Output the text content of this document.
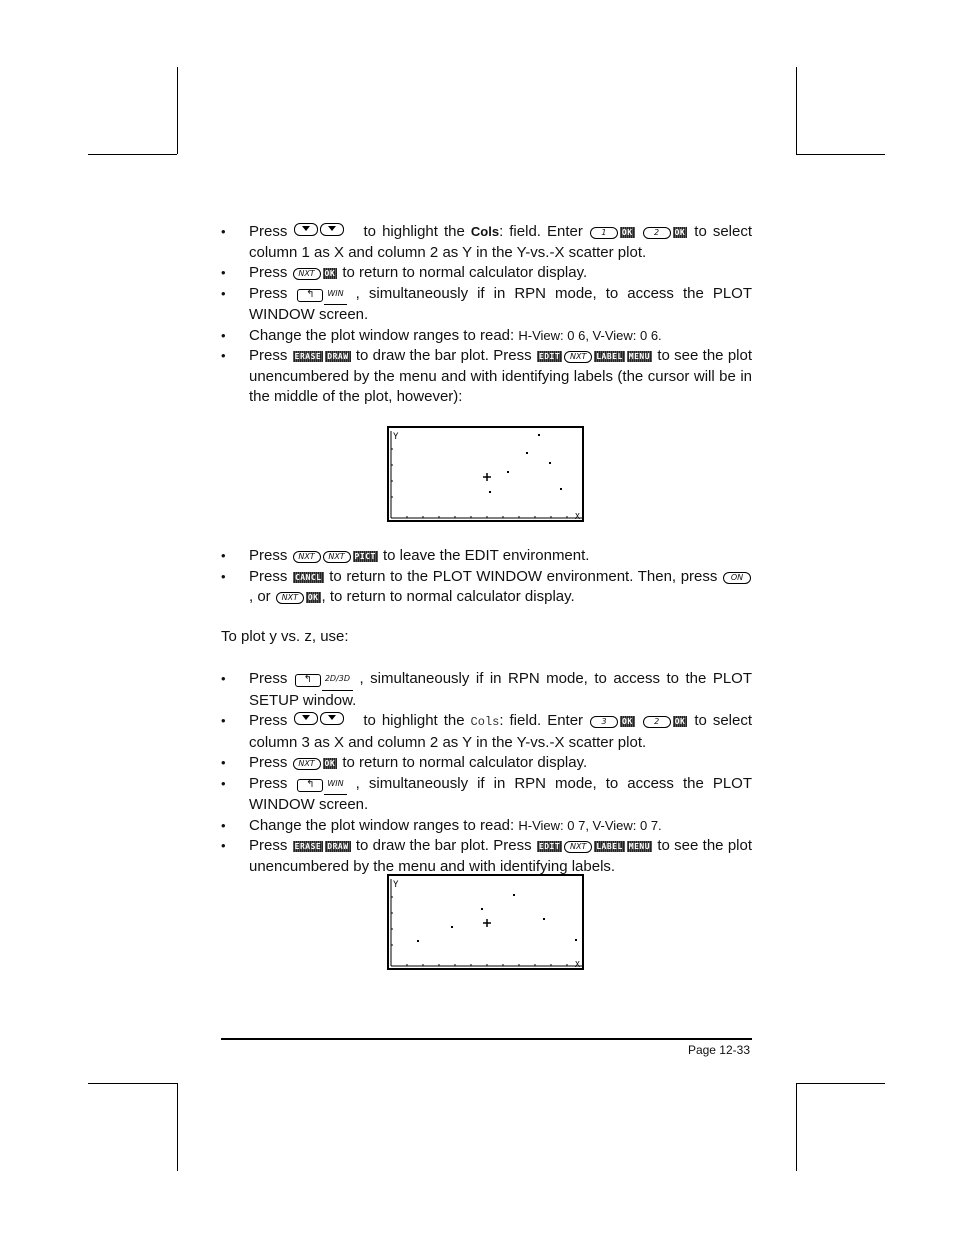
• Press	to highlight the Cols: field. Enter 1 OK	2 OK to select column 1 as X and column 2 as Y in the Y-vs.-X scatter plot.
• Press NXT OK to return to normal calculator display.
• Press ↰ WIN , simultaneously if in RPN mode, to access the PLOT WINDOW screen.
• Change the plot window ranges to read: H-View: 0 6, V-View: 0 6.
• Press ERASE DRAW to draw the bar plot. Press EDIT NXT LABEL MENU to see the plot unencumbered by the menu and with identifying labels (the cursor will be in the middle of the plot, however):
Y
X
• Press NXT NXT PICT to leave the EDIT environment.
• Press CANCL to return to the PLOT WINDOW environment. Then, press ON , or NXT OK , to return to normal calculator display.
To plot y vs. z, use:
• Press ↰ 2D/3D , simultaneously if in RPN mode, to access to the PLOT SETUP window.
• Press	to highlight the Cols: field. Enter 3 OK	2 OK to select column 3 as X and column 2 as Y in the Y-vs.-X scatter plot.
• Press NXT OK to return to normal calculator display.
• Press ↰ WIN , simultaneously if in RPN mode, to access the PLOT WINDOW screen.
• Change the plot window ranges to read: H-View: 0 7, V-View: 0 7.
• Press ERASE DRAW to draw the bar plot. Press EDIT NXT LABEL MENU to see the plot unencumbered by the menu and with identifying labels.
Y
X
Page 12-33
